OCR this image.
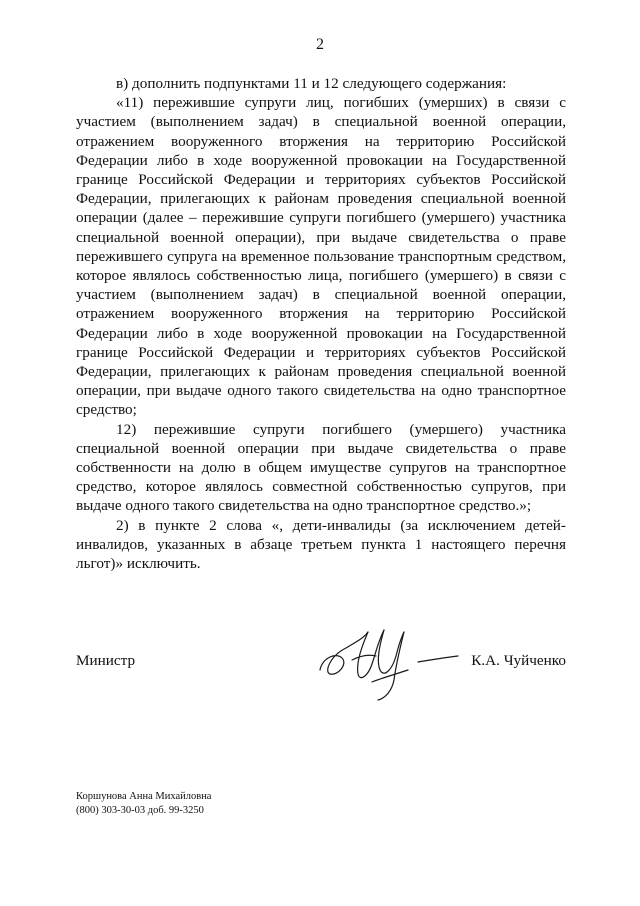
2

в) дополнить подпунктами 11 и 12 следующего содержания:

«11) пережившие супруги лиц, погибших (умерших) в связи с участием (выполнением задач) в специальной военной операции, отражением вооруженного вторжения на территорию Российской Федерации либо в ходе вооруженной провокации на Государственной границе Российской Федерации и территориях субъектов Российской Федерации, прилегающих к районам проведения специальной военной операции (далее – пережившие супруги погибшего (умершего) участника специальной военной операции), при выдаче свидетельства о праве пережившего супруга на временное пользование транспортным средством, которое являлось собственностью лица, погибшего (умершего) в связи с участием (выполнением задач) в специальной военной операции, отражением вооруженного вторжения на территорию Российской Федерации либо в ходе вооруженной провокации на Государственной границе Российской Федерации и территориях субъектов Российской Федерации, прилегающих к районам проведения специальной военной операции, при выдаче одного такого свидетельства на одно транспортное средство;

12) пережившие супруги погибшего (умершего) участника специальной военной операции при выдаче свидетельства о праве собственности на долю в общем имуществе супругов на транспортное средство, которое являлось совместной собственностью супругов, при выдаче одного такого свидетельства на одно транспортное средство.»;

2) в пункте 2 слова «, дети-инвалиды (за исключением детей-инвалидов, указанных в абзаце третьем пункта 1 настоящего перечня льгот)» исключить.

Министр	К.А. Чуйченко
Коршунова Анна Михайловна
(800) 303-30-03 доб. 99-3250
